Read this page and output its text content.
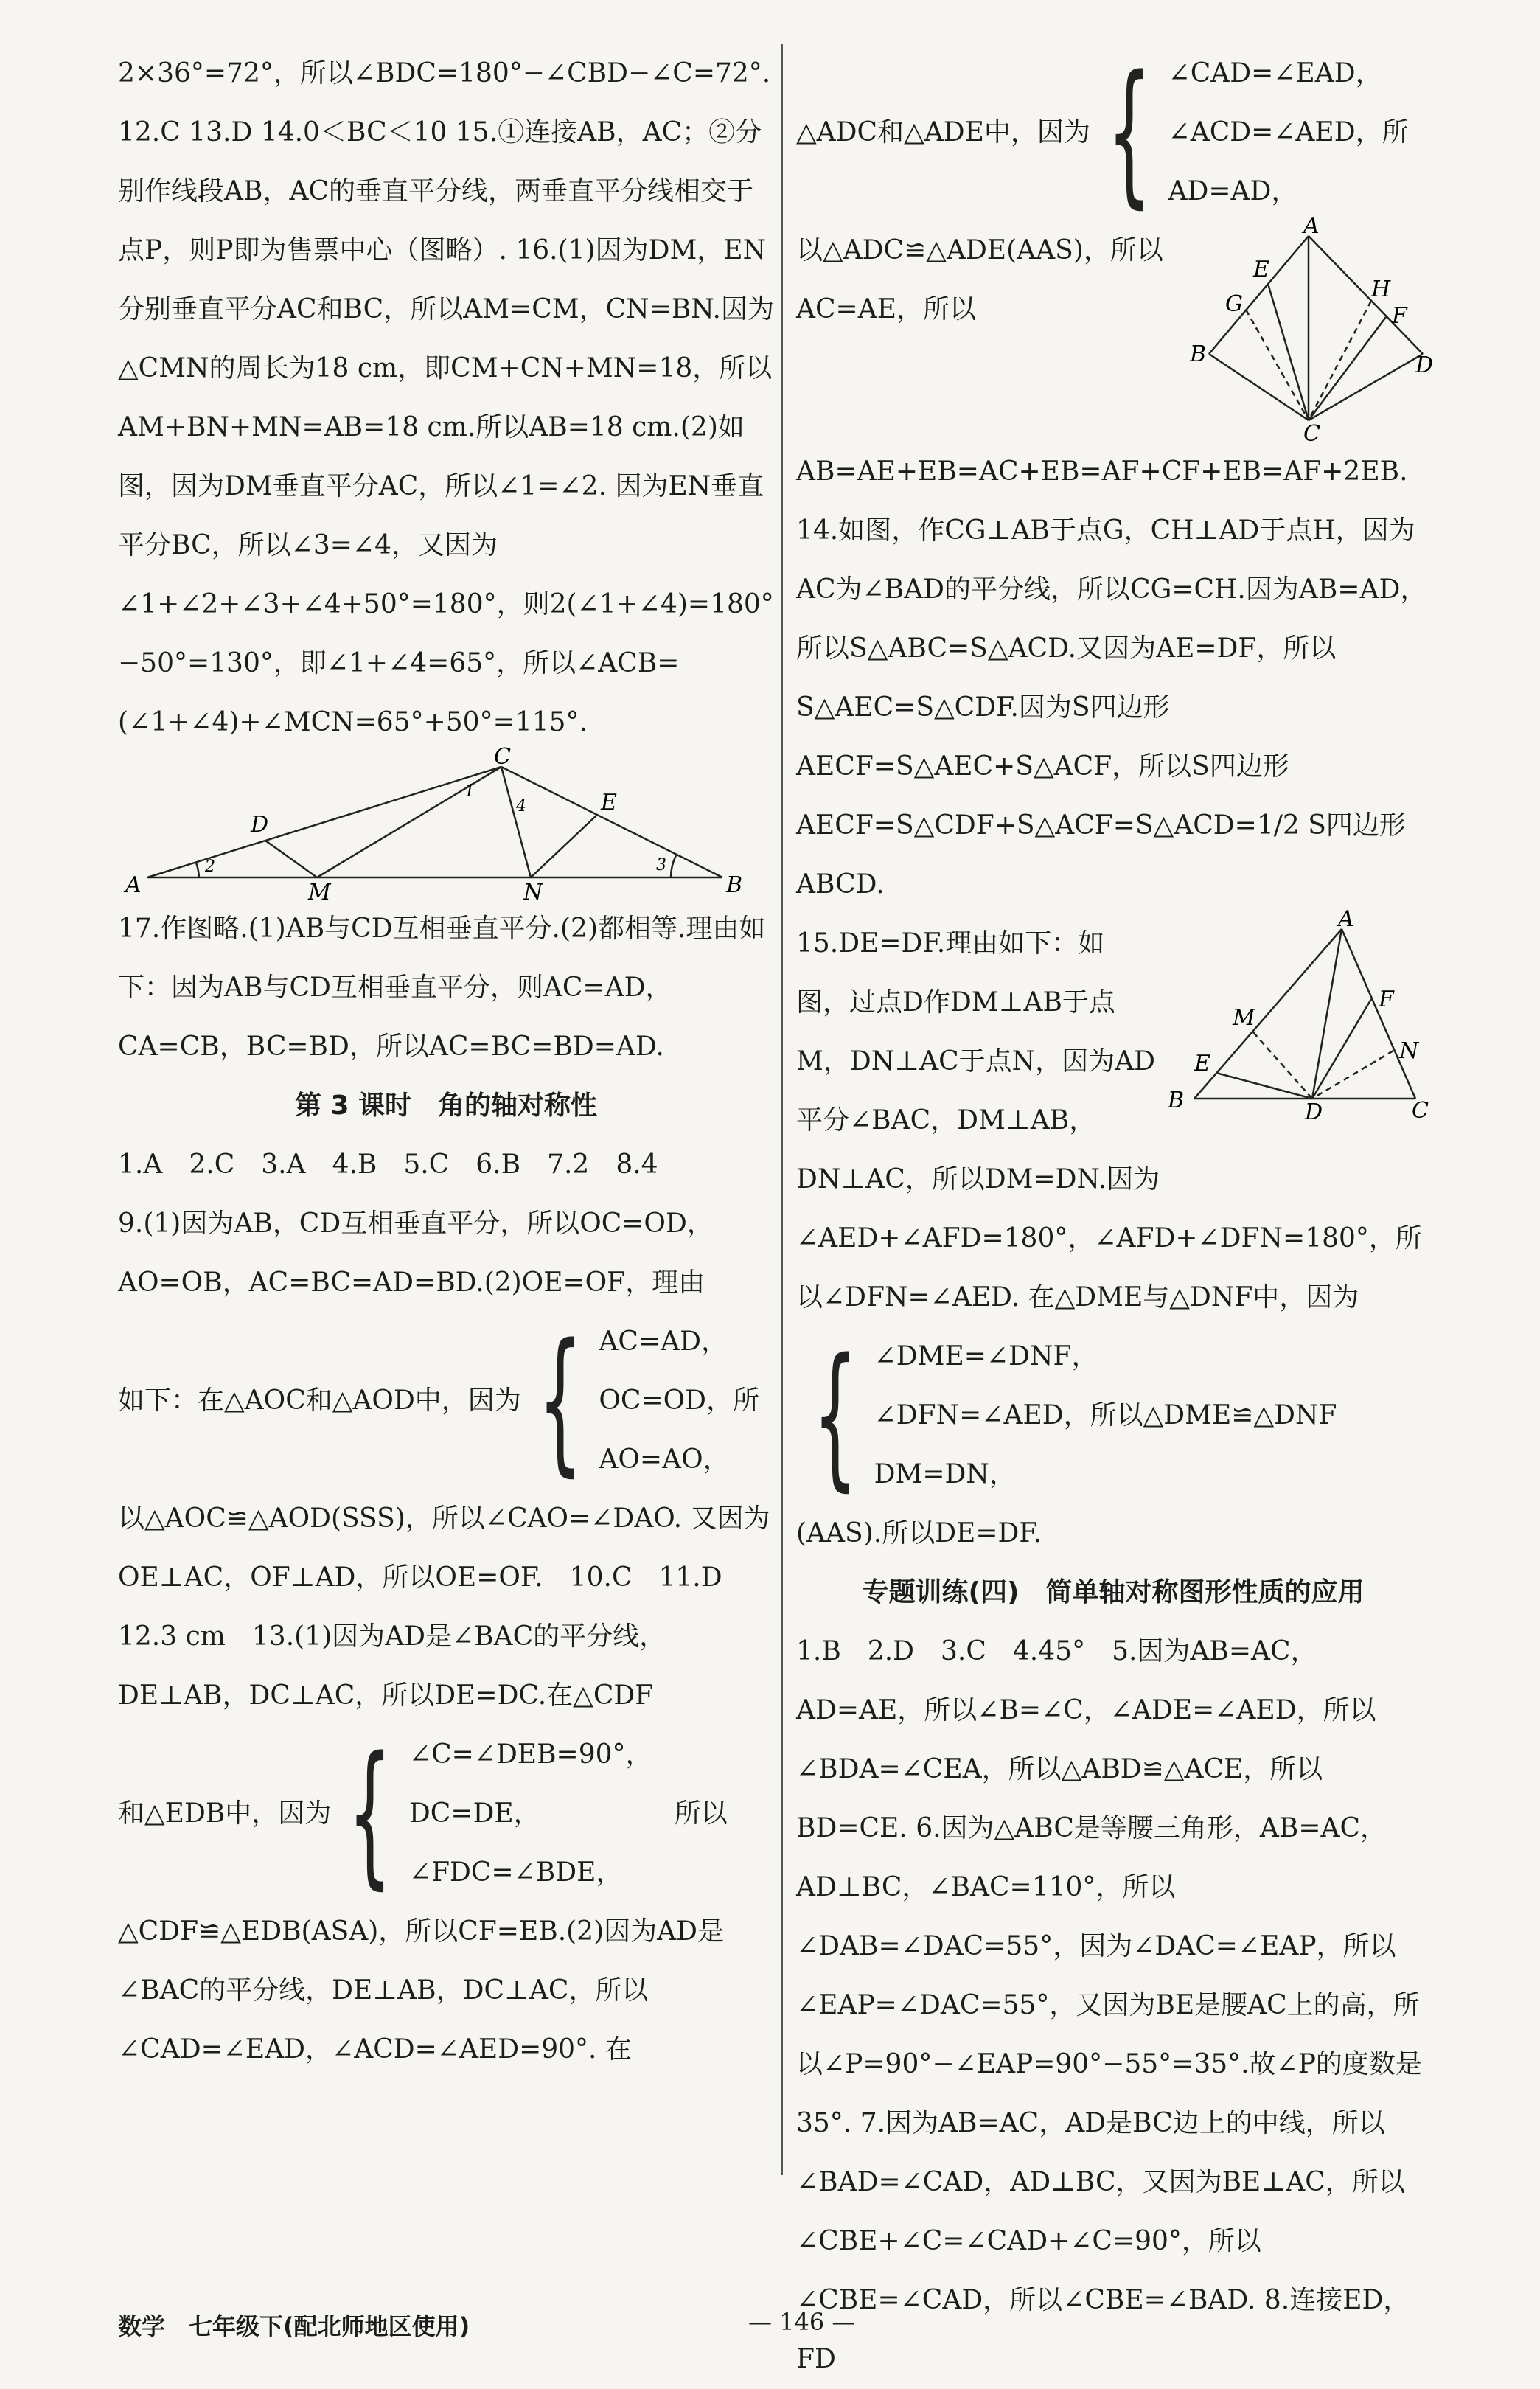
2×36°=72°，所以∠BDC=180°−∠CBD−∠C=72°. 12.C 13.D 14.0＜BC＜10 15.①连接AB，AC；②分别作线段AB，AC的垂直平分线，两垂直平分线相交于点P，则P即为售票中心（图略）. 16.(1)因为DM，EN分别垂直平分AC和BC，所以AM=CM，CN=BN.因为△CMN的周长为18 cm，即CM+CN+MN=18，所以AM+BN+MN=AB=18 cm.所以AB=18 cm.(2)如图，因为DM垂直平分AC，所以∠1=∠2. 因为EN垂直平分BC，所以∠3=∠4，又因为∠1+∠2+∠3+∠4+50°=180°，则2(∠1+∠4)=180°−50°=130°，即∠1+∠4=65°，所以∠ACB=(∠1+∠4)+∠MCN=65°+50°=115°.

A	B
C
D
E
M	N
1
2	3
4

17.作图略.(1)AB与CD互相垂直平分.(2)都相等.理由如下：因为AB与CD互相垂直平分，则AC=AD，CA=CB，BC=BD，所以AC=BC=BD=AD.

第 3 课时　角的轴对称性

1.A　2.C　3.A　4.B　5.C　6.B　7.2　8.4

9.(1)因为AB，CD互相垂直平分，所以OC=OD，AO=OB，AC=BC=AD=BD.(2)OE=OF，理由

如下：在△AOC和△AOD中，因为 { AC=AD，
OC=OD，
AO=AO，
所

以△AOC≌△AOD(SSS)，所以∠CAO=∠DAO. 又因为OE⊥AC，OF⊥AD，所以OE=OF.　10.C　11.D　12.3 cm　13.(1)因为AD是∠BAC的平分线，DE⊥AB，DC⊥AC，所以DE=DC.在△CDF

和△EDB中，因为 { ∠C=∠DEB=90°，
DC=DE，
∠FDC=∠BDE，
所以

△CDF≌△EDB(ASA)，所以CF=EB.(2)因为AD是∠BAC的平分线，DE⊥AB，DC⊥AC，所以∠CAD=∠EAD，∠ACD=∠AED=90°. 在

△ADC和△ADE中，因为 { ∠CAD=∠EAD，
∠ACD=∠AED，所
AD=AD，
A
B
C
D
E
F
G
H

以△ADC≌△ADE(AAS)，所以AC=AE，所以AB=AE+EB=AC+EB=AF+CF+EB=AF+2EB. 14.如图，作CG⊥AB于点G，CH⊥AD于点H，因为AC为∠BAD的平分线，所以CG=CH.因为AB=AD，所以S△ABC=S△ACD.又因为AE=DF，所以S△AEC=S△CDF.因为S四边形AECF=S△AEC+S△ACF，所以S四边形AECF=S△CDF+S△ACF=S△ACD=1/2 S四边形ABCD.

A
B	C
D
E
F
M
N

15.DE=DF.理由如下：如图，过点D作DM⊥AB于点M，DN⊥AC于点N，因为AD平分∠BAC，DM⊥AB，DN⊥AC，所以DM=DN.因为∠AED+∠AFD=180°，∠AFD+∠DFN=180°，所以∠DFN=∠AED. 在△DME与△DNF中，因为

{ ∠DME=∠DNF，
∠DFN=∠AED，所以△DME≌△DNF
DM=DN，

(AAS).所以DE=DF.

专题训练(四)　简单轴对称图形性质的应用

1.B　2.D　3.C　4.45°　5.因为AB=AC，AD=AE，所以∠B=∠C，∠ADE=∠AED，所以∠BDA=∠CEA，所以△ABD≌△ACE，所以BD=CE. 6.因为△ABC是等腰三角形，AB=AC，AD⊥BC，∠BAC=110°，所以∠DAB=∠DAC=55°，因为∠DAC=∠EAP，所以∠EAP=∠DAC=55°，又因为BE是腰AC上的高，所以∠P=90°−∠EAP=90°−55°=35°.故∠P的度数是35°. 7.因为AB=AC，AD是BC边上的中线，所以∠BAD=∠CAD，AD⊥BC，又因为BE⊥AC，所以∠CBE+∠C=∠CAD+∠C=90°，所以∠CBE=∠CAD，所以∠CBE=∠BAD. 8.连接ED，FD

数学　七年级下(配北师地区使用)	— 146 —
